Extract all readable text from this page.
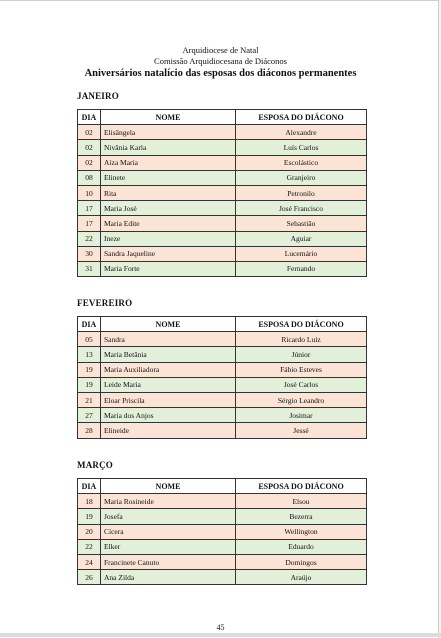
Arquidiocese de Natal
Comissão Arquidiocesana de Diáconos
Aniversários natalício das esposas dos diáconos permanentes
JANEIRO
DIA	NOME	ESPOSA DO DIÁCONO
02	Elisângela	Alexandre
02	Nivânia Karla	Luís Carlos
02	Aíza Maria	Escolástico
08	Elinete	Granjeiro
10	Rita	Petronilo
17	Maria José	José Francisco
17	Maria Edite	Sebastião
22	Ineze	Aguiar
30	Sandra Jaqueline	Lucemário
31	Maria Forte	Fernando
FEVEREIRO
DIA	NOME	ESPOSA DO DIÁCONO
05	Sandra	Ricardo Luiz
13	Maria Betânia	Júnior
19	Maria Auxiliadora	Fábio Esteves
19	Leide Maria	José Carlos
21	Eloar Priscila	Sérgio Leandro
27	Maria dos Anjos	Josimar
28	Elineide	Jessé
MARÇO
DIA	NOME	ESPOSA DO DIÁCONO
18	Maria Rosineide	Elsou
19	Josefa	Bezerra
20	Cícera	Wellington
22	Elker	Eduardo
24	Francinete Canuto	Domingos
26	Ana Zilda	Araújo
45
